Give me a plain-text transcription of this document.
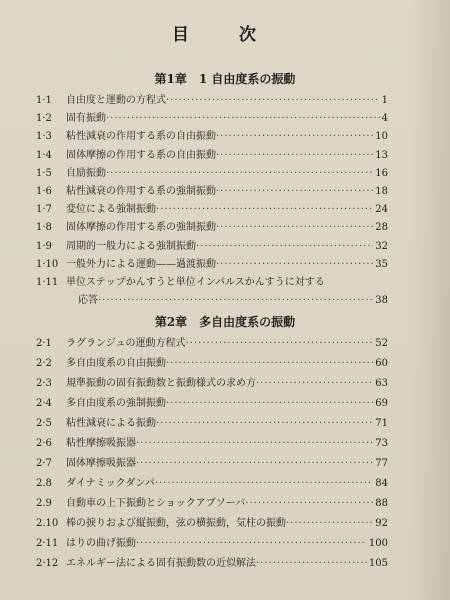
目 次
第1章　1 自由度系の振動
1·1	自由度と運動の方程式 ·····	1
1·2	固有振動 ·····	4
1·3	粘性減衰の作用する系の自由振動 ·····	10
1·4	固体摩擦の作用する系の自由振動 ·····	13
1·5	自励振動 ·····	16
1·6	粘性減衰の作用する系の強制振動 ·····	18
1·7	変位による強制振動 ·····	24
1·8	固体摩擦の作用する系の強制振動 ·····	28
1·9	周期的一般力による強制振動 ·····	32
1·10 一般外力による運動——過渡振動 ·····	35
1·11 単位ステップかんすうと単位インパルスかんすうに対する
応答 ·····	38
第2章　多自由度系の振動
2·1	ラグランジュの運動方程式 ·····	52
2·2	多自由度系の自由振動 ·····	60
2·3	規準振動の固有振動数と振動様式の求め方 ·····	63
2·4	多自由度系の強制振動 ·····	69
2·5	粘性減衰による振動 ·····	71
2·6	粘性摩擦吸振器 ·····	73
2·7	固体摩擦吸振器 ·····	77
2.8	ダイナミックダンパ ·····	84
2.9	自動車の上下振動とショックアブソーバ ·····	88
2.10 棒の捩りおよび縦振動，弦の横振動，気柱の振動 ·····	92
2·11 はりの曲げ振動 ·····	100
2·12 エネルギー法による固有振動数の近似解法 ·····	105
